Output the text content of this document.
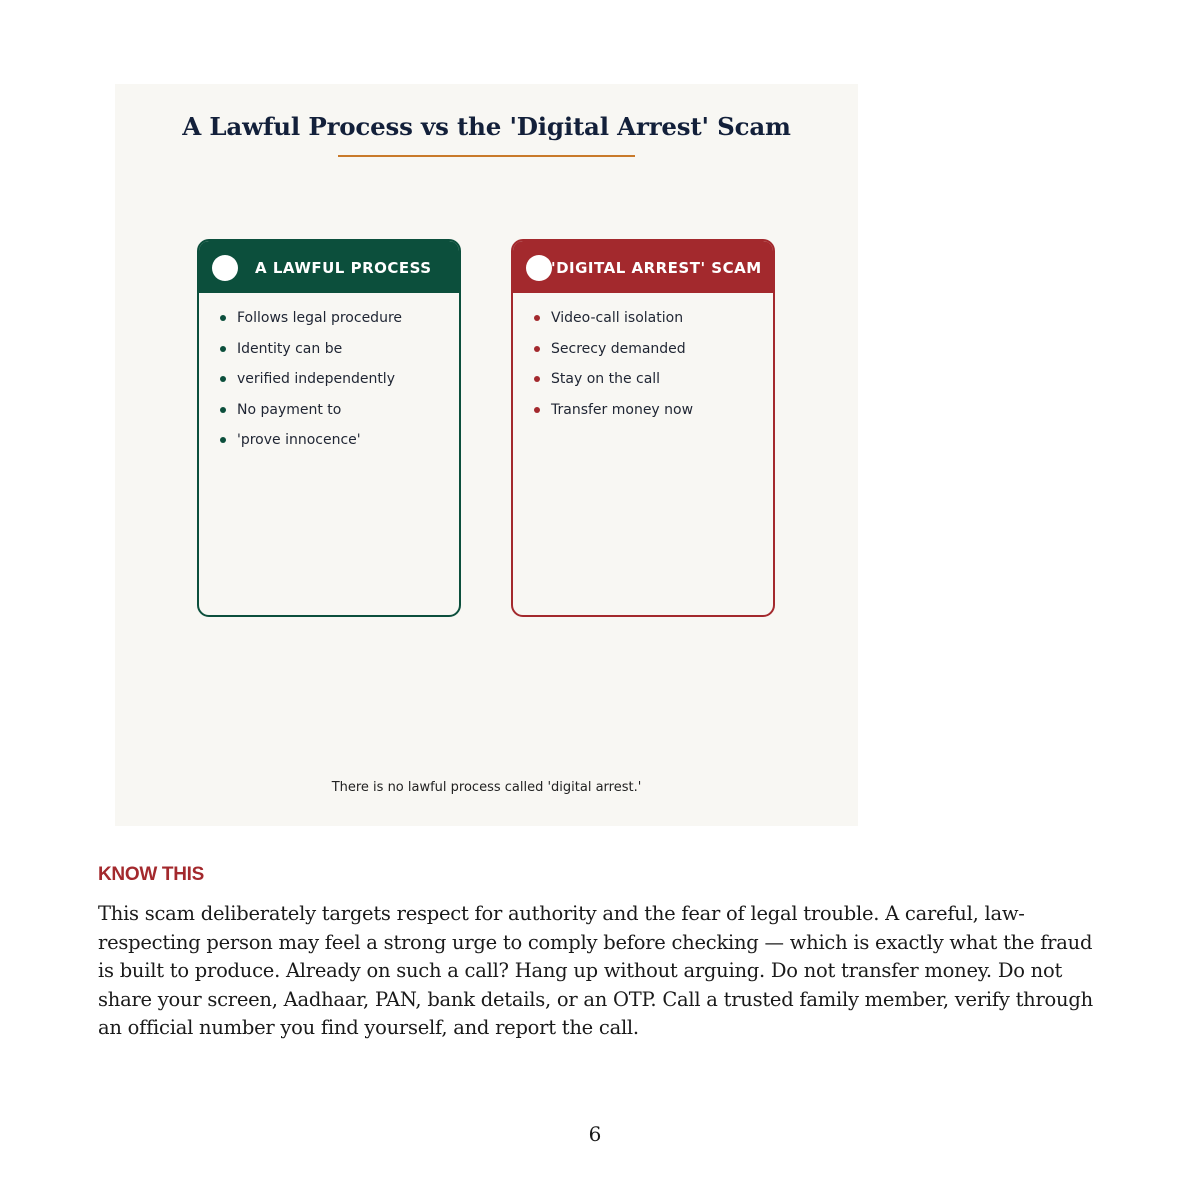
A Lawful Process vs the 'Digital Arrest' Scam
A LAWFUL PROCESS
Follows legal procedure
Identity can be
verified independently
No payment to
'prove innocence'
'DIGITAL ARREST' SCAM
Video-call isolation
Secrecy demanded
Stay on the call
Transfer money now
There is no lawful process called 'digital arrest.'
KNOW THIS

This scam deliberately targets respect for authority and the fear of legal trouble. A careful, law-respecting person may feel a strong urge to comply before checking — which is exactly what the fraud is built to produce. Already on such a call? Hang up without arguing. Do not transfer money. Do not share your screen, Aadhaar, PAN, bank details, or an OTP. Call a trusted family member, verify through an official number you find yourself, and report the call.

6
